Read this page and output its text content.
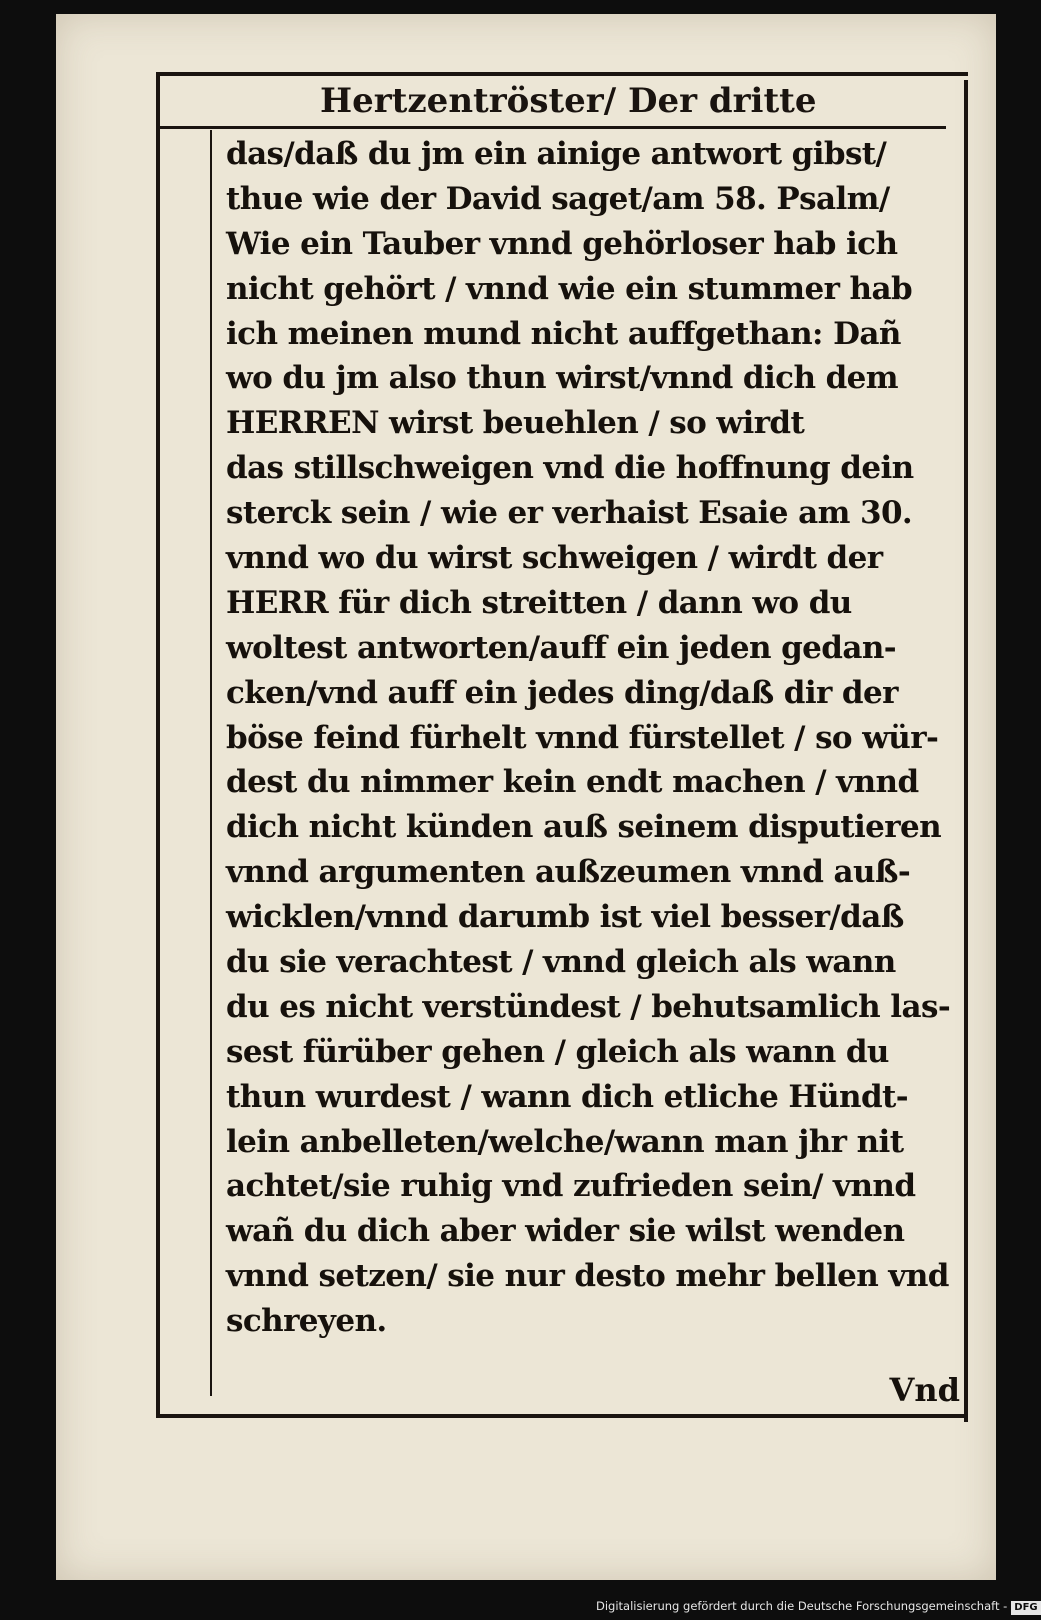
Hertzentröster/ Der dritte
das/daß du jm ein ainige antwort gibst/
thue wie der David saget/am 58. Psalm/
Wie ein Tauber vnnd gehörloser hab ich
nicht gehört / vnnd wie ein stummer hab
ich meinen mund nicht auffgethan: Dañ
wo du jm also thun wirst/vnnd dich dem
HERREN wirst beuehlen / so wirdt
das stillschweigen vnd die hoffnung dein
sterck sein / wie er verhaist Esaie am 30.
vnnd wo du wirst schweigen / wirdt der
HERR für dich streitten / dann wo du
woltest antworten/auff ein jeden gedan-
cken/vnd auff ein jedes ding/daß dir der
böse feind fürhelt vnnd fürstellet / so wür-
dest du nimmer kein endt machen / vnnd
dich nicht künden auß seinem disputieren
vnnd argumenten außzeumen vnnd auß-
wicklen/vnnd darumb ist viel besser/daß
du sie verachtest / vnnd gleich als wann
du es nicht verstündest / behutsamlich las-
sest fürüber gehen / gleich als wann du
thun wurdest / wann dich etliche Hündt-
lein anbelleten/welche/wann man jhr nit
achtet/sie ruhig vnd zufrieden sein/ vnnd
wañ du dich aber wider sie wilst wenden
vnnd setzen/ sie nur desto mehr bellen vnd
schreyen.
Vnd
Digitalisierung gefördert durch die Deutsche Forschungsgemeinschaft - DFG
